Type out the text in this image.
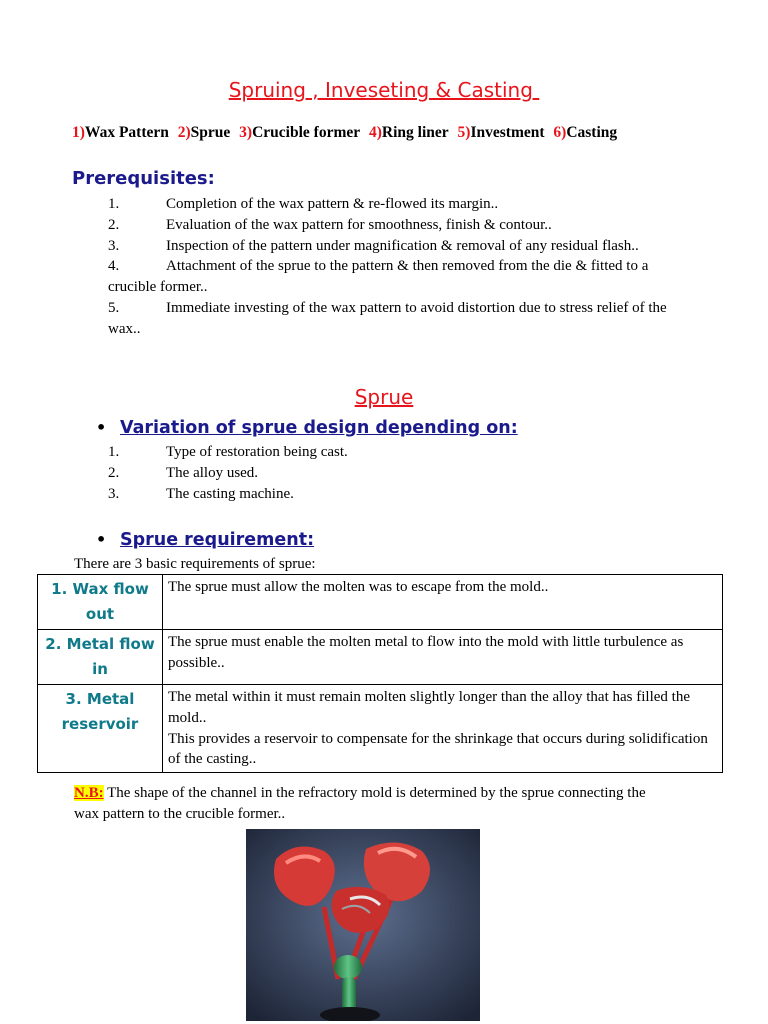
Spruing , Inveseting & Casting
1)Wax Pattern 2)Sprue 3)Crucible former 4)Ring liner 5)Investment 6)Casting
Prerequisites:
1.	Completion of the wax pattern & re-flowed its margin..
2.	Evaluation of the wax pattern for smoothness, finish & contour..
3.	Inspection of the pattern under magnification & removal of any residual flash..
4.	Attachment of the sprue to the pattern & then removed from the die & fitted to a crucible former..
5.	Immediate investing of the wax pattern to avoid distortion due to stress relief of the wax..
Sprue
• Variation of sprue design depending on:
1.	Type of restoration being cast.
2.	The alloy used.
3.	The casting machine.
• Sprue requirement:
There are 3 basic requirements of sprue:
1. Wax flow out	The sprue must allow the molten was to escape from the mold..
2. Metal flow in	The sprue must enable the molten metal to flow into the mold with little turbulence as possible..
3. Metal reservoir	The metal within it must remain molten slightly longer than the alloy that has filled the mold..
This provides a reservoir to compensate for the shrinkage that occurs during solidification of the casting..
N.B: The shape of the channel in the refractory mold is determined by the sprue connecting the wax pattern to the crucible former..
